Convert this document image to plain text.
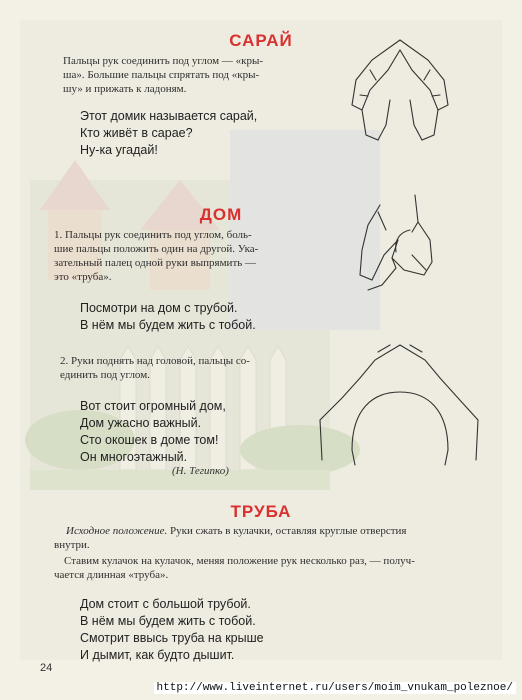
САРАЙ
Пальцы рук соединить под углом — «кры-
ша». Большие пальцы спрятать под «кры-
шу» и прижать к ладоням.
Этот домик называется сарай,
Кто живёт в сарае?
Ну-ка угадай!
ДОМ
1. Пальцы рук соединить под углом, боль-
шие пальцы положить один на другой. Ука-
зательный палец одной руки выпрямить —
это «труба».
Посмотри на дом с трубой.
В нём мы будем жить с тобой.
2. Руки поднять над головой, пальцы со-
единить под углом.
Вот стоит огромный дом,
Дом ужасно важный.
Сто окошек в доме том!
Он многоэтажный.
(Н. Тегипко)
ТРУБА
Исходное положение. Руки сжать в кулачки, оставляя круглые отверстия
внутри.
Ставим кулачок на кулачок, меняя положение рук несколько раз, — получ-
чается длинная «труба».
Дом стоит с большой трубой.
В нём мы будем жить с тобой.
Смотрит ввысь труба на крыше
И дымит, как будто дышит.
24
http://www.liveinternet.ru/users/moim_vnukam_poleznoe/
